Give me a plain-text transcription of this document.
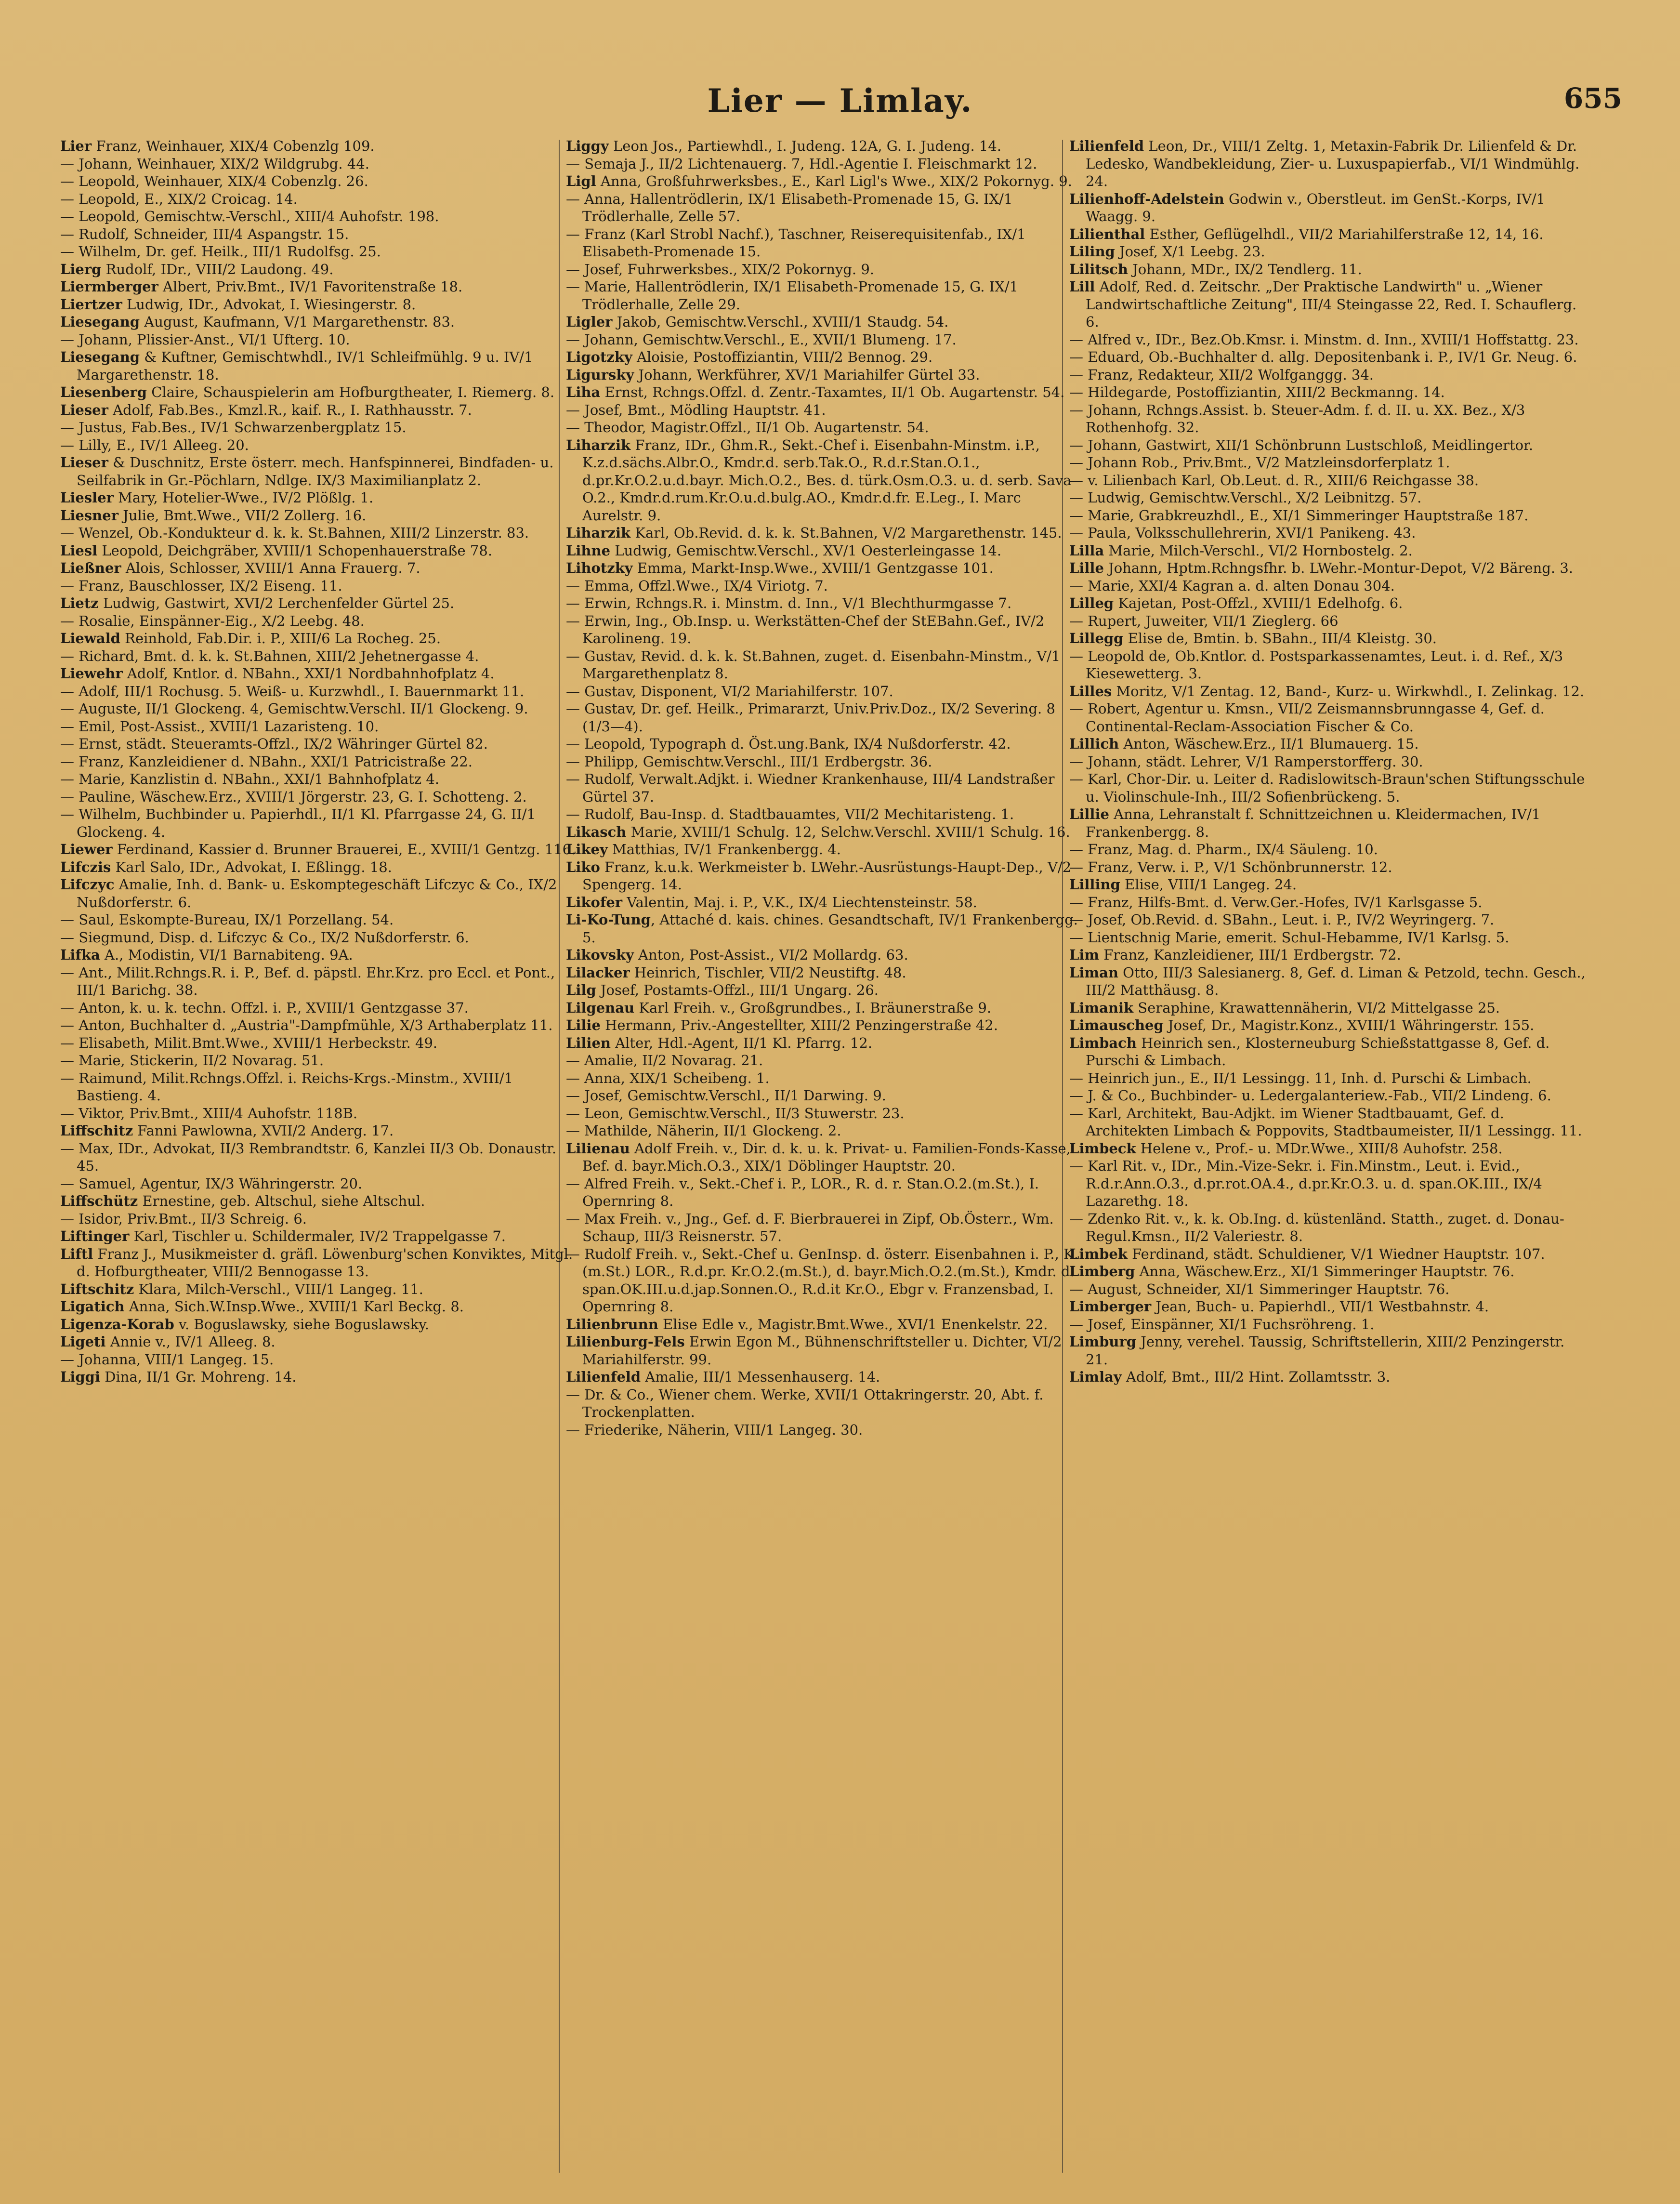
Lier — Limlay.	655
Lier Franz, Weinhauer, XIX/4 Cobenzlg 109.
— Johann, Weinhauer, XIX/2 Wildgrubg. 44.
— Leopold, Weinhauer, XIX/4 Cobenzlg. 26.
— Leopold, E., XIX/2 Croicag. 14.
— Leopold, Gemischtw.-Verschl., XIII/4 Auhofstr. 198.
— Rudolf, Schneider, III/4 Aspangstr. 15.
— Wilhelm, Dr. gef. Heilk., III/1 Rudolfsg. 25.
Lierg Rudolf, IDr., VIII/2 Laudong. 49.
Liermberger Albert, Priv.Bmt., IV/1 Favoritenstraße 18.
Liertzer Ludwig, IDr., Advokat, I. Wiesingerstr. 8.
Liesegang August, Kaufmann, V/1 Margarethenstr. 83.
— Johann, Plissier-Anst., VI/1 Ufterg. 10.
Liesegang & Kuftner, Gemischtwhdl., IV/1 Schleifmühlg. 9 u. IV/1 Margarethenstr. 18.
Liesenberg Claire, Schauspielerin am Hofburgtheater, I. Riemerg. 8.
Lieser Adolf, Fab.Bes., Kmzl.R., kaif. R., I. Rathhausstr. 7.
— Justus, Fab.Bes., IV/1 Schwarzenbergplatz 15.
— Lilly, E., IV/1 Alleeg. 20.
Lieser & Duschnitz, Erste österr. mech. Hanfspinnerei, Bindfaden- u. Seilfabrik in Gr.-Pöchlarn, Ndlge. IX/3 Maximilianplatz 2.
Liesler Mary, Hotelier-Wwe., IV/2 Plößlg. 1.
Liesner Julie, Bmt.Wwe., VII/2 Zollerg. 16.
— Wenzel, Ob.-Kondukteur d. k. k. St.Bahnen, XIII/2 Linzerstr. 83.
Liesl Leopold, Deichgräber, XVIII/1 Schopenhauerstraße 78.
Ließner Alois, Schlosser, XVIII/1 Anna Frauerg. 7.
— Franz, Bauschlosser, IX/2 Eiseng. 11.
Lietz Ludwig, Gastwirt, XVI/2 Lerchenfelder Gürtel 25.
— Rosalie, Einspänner-Eig., X/2 Leebg. 48.
Liewald Reinhold, Fab.Dir. i. P., XIII/6 La Rocheg. 25.
— Richard, Bmt. d. k. k. St.Bahnen, XIII/2 Jehetnergasse 4.
Liewehr Adolf, Kntlor. d. NBahn., XXI/1 Nordbahnhofplatz 4.
— Adolf, III/1 Rochusg. 5. Weiß- u. Kurzwhdl., I. Bauernmarkt 11.
— Auguste, II/1 Glockeng. 4, Gemischtw.Verschl. II/1 Glockeng. 9.
— Emil, Post-Assist., XVIII/1 Lazaristeng. 10.
— Ernst, städt. Steueramts-Offzl., IX/2 Währinger Gürtel 82.
— Franz, Kanzleidiener d. NBahn., XXI/1 Patricistraße 22.
— Marie, Kanzlistin d. NBahn., XXI/1 Bahnhofplatz 4.
— Pauline, Wäschew.Erz., XVIII/1 Jörgerstr. 23, G. I. Schotteng. 2.
— Wilhelm, Buchbinder u. Papierhdl., II/1 Kl. Pfarrgasse 24, G. II/1 Glockeng. 4.
Liewer Ferdinand, Kassier d. Brunner Brauerei, E., XVIII/1 Gentzg. 116.
Lifczis Karl Salo, IDr., Advokat, I. Eßlingg. 18.
Lifczyc Amalie, Inh. d. Bank- u. Eskomptegeschäft Lifczyc & Co., IX/2 Nußdorferstr. 6.
— Saul, Eskompte-Bureau, IX/1 Porzellang. 54.
— Siegmund, Disp. d. Lifczyc & Co., IX/2 Nußdorferstr. 6.
Lifka A., Modistin, VI/1 Barnabiteng. 9A.
— Ant., Milit.Rchngs.R. i. P., Bef. d. päpstl. Ehr.Krz. pro Eccl. et Pont., III/1 Barichg. 38.
— Anton, k. u. k. techn. Offzl. i. P., XVIII/1 Gentzgasse 37.
— Anton, Buchhalter d. „Austria"-Dampfmühle, X/3 Arthaberplatz 11.
— Elisabeth, Milit.Bmt.Wwe., XVIII/1 Herbeckstr. 49.
— Marie, Stickerin, II/2 Novarag. 51.
— Raimund, Milit.Rchngs.Offzl. i. Reichs-Krgs.-Minstm., XVIII/1 Bastieng. 4.
— Viktor, Priv.Bmt., XIII/4 Auhofstr. 118B.
Liffschitz Fanni Pawlowna, XVII/2 Anderg. 17.
— Max, IDr., Advokat, II/3 Rembrandtstr. 6, Kanzlei II/3 Ob. Donaustr. 45.
— Samuel, Agentur, IX/3 Währingerstr. 20.
Liffschütz Ernestine, geb. Altschul, siehe Altschul.
— Isidor, Priv.Bmt., II/3 Schreig. 6.
Liftinger Karl, Tischler u. Schildermaler, IV/2 Trappelgasse 7.
Liftl Franz J., Musikmeister d. gräfl. Löwenburg'schen Konviktes, Mitgl. d. Hofburgtheater, VIII/2 Bennogasse 13.
Liftschitz Klara, Milch-Verschl., VIII/1 Langeg. 11.
Ligatich Anna, Sich.W.Insp.Wwe., XVIII/1 Karl Beckg. 8.
Ligenza-Korab v. Boguslawsky, siehe Boguslawsky.
Ligeti Annie v., IV/1 Alleeg. 8.
— Johanna, VIII/1 Langeg. 15.
Liggi Dina, II/1 Gr. Mohreng. 14.
Liggy Leon Jos., Partiewhdl., I. Judeng. 12A, G. I. Judeng. 14.
— Semaja J., II/2 Lichtenauerg. 7, Hdl.-Agentie I. Fleischmarkt 12.
Ligl Anna, Großfuhrwerksbes., E., Karl Ligl's Wwe., XIX/2 Pokornyg. 9.
— Anna, Hallentrödlerin, IX/1 Elisabeth-Promenade 15, G. IX/1 Trödlerhalle, Zelle 57.
— Franz (Karl Strobl Nachf.), Taschner, Reiserequisitenfab., IX/1 Elisabeth-Promenade 15.
— Josef, Fuhrwerksbes., XIX/2 Pokornyg. 9.
— Marie, Hallentrödlerin, IX/1 Elisabeth-Promenade 15, G. IX/1 Trödlerhalle, Zelle 29.
Ligler Jakob, Gemischtw.Verschl., XVIII/1 Staudg. 54.
— Johann, Gemischtw.Verschl., E., XVII/1 Blumeng. 17.
Ligotzky Aloisie, Postoffiziantin, VIII/2 Bennog. 29.
Ligursky Johann, Werkführer, XV/1 Mariahilfer Gürtel 33.
Liha Ernst, Rchngs.Offzl. d. Zentr.-Taxamtes, II/1 Ob. Augartenstr. 54.
— Josef, Bmt., Mödling Hauptstr. 41.
— Theodor, Magistr.Offzl., II/1 Ob. Augartenstr. 54.
Liharzik Franz, IDr., Ghm.R., Sekt.-Chef i. Eisenbahn-Minstm. i.P., K.z.d.sächs.Albr.O., Kmdr.d. serb.Tak.O., R.d.r.Stan.O.1., d.pr.Kr.O.2.u.d.bayr. Mich.O.2., Bes. d. türk.Osm.O.3. u. d. serb. Sava-O.2., Kmdr.d.rum.Kr.O.u.d.bulg.AO., Kmdr.d.fr. E.Leg., I. Marc Aurelstr. 9.
Liharzik Karl, Ob.Revid. d. k. k. St.Bahnen, V/2 Margarethenstr. 145.
Lihne Ludwig, Gemischtw.Verschl., XV/1 Oesterleingasse 14.
Lihotzky Emma, Markt-Insp.Wwe., XVIII/1 Gentzgasse 101.
— Emma, Offzl.Wwe., IX/4 Viriotg. 7.
— Erwin, Rchngs.R. i. Minstm. d. Inn., V/1 Blechthurmgasse 7.
— Erwin, Ing., Ob.Insp. u. Werkstätten-Chef der StEBahn.Gef., IV/2 Karolineng. 19.
— Gustav, Revid. d. k. k. St.Bahnen, zuget. d. Eisenbahn-Minstm., V/1 Margarethenplatz 8.
— Gustav, Disponent, VI/2 Mariahilferstr. 107.
— Gustav, Dr. gef. Heilk., Primararzt, Univ.Priv.Doz., IX/2 Severing. 8 (1/3—4).
— Leopold, Typograph d. Öst.ung.Bank, IX/4 Nußdorferstr. 42.
— Philipp, Gemischtw.Verschl., III/1 Erdbergstr. 36.
— Rudolf, Verwalt.Adjkt. i. Wiedner Krankenhause, III/4 Landstraßer Gürtel 37.
— Rudolf, Bau-Insp. d. Stadtbauamtes, VII/2 Mechitaristeng. 1.
Likasch Marie, XVIII/1 Schulg. 12, Selchw.Verschl. XVIII/1 Schulg. 16.
Likey Matthias, IV/1 Frankenbergg. 4.
Liko Franz, k.u.k. Werkmeister b. LWehr.-Ausrüstungs-Haupt-Dep., V/2 Spengerg. 14.
Likofer Valentin, Maj. i. P., V.K., IX/4 Liechtensteinstr. 58.
Li-Ko-Tung, Attaché d. kais. chines. Gesandtschaft, IV/1 Frankenbergg. 5.
Likovsky Anton, Post-Assist., VI/2 Mollardg. 63.
Lilacker Heinrich, Tischler, VII/2 Neustiftg. 48.
Lilg Josef, Postamts-Offzl., III/1 Ungarg. 26.
Lilgenau Karl Freih. v., Großgrundbes., I. Bräunerstraße 9.
Lilie Hermann, Priv.-Angestellter, XIII/2 Penzingerstraße 42.
Lilien Alter, Hdl.-Agent, II/1 Kl. Pfarrg. 12.
— Amalie, II/2 Novarag. 21.
— Anna, XIX/1 Scheibeng. 1.
— Josef, Gemischtw.Verschl., II/1 Darwing. 9.
— Leon, Gemischtw.Verschl., II/3 Stuwerstr. 23.
— Mathilde, Näherin, II/1 Glockeng. 2.
Lilienau Adolf Freih. v., Dir. d. k. u. k. Privat- u. Familien-Fonds-Kasse, Bef. d. bayr.Mich.O.3., XIX/1 Döblinger Hauptstr. 20.
— Alfred Freih. v., Sekt.-Chef i. P., LOR., R. d. r. Stan.O.2.(m.St.), I. Opernring 8.
— Max Freih. v., Jng., Gef. d. F. Bierbrauerei in Zipf, Ob.Österr., Wm. Schaup, III/3 Reisnerstr. 57.
— Rudolf Freih. v., Sekt.-Chef u. GenInsp. d. österr. Eisenbahnen i. P., K.(m.St.) LOR., R.d.pr. Kr.O.2.(m.St.), d. bayr.Mich.O.2.(m.St.), Kmdr. d. span.OK.III.u.d.jap.Sonnen.O., R.d.it Kr.O., Ebgr v. Franzensbad, I. Opernring 8.
Lilienbrunn Elise Edle v., Magistr.Bmt.Wwe., XVI/1 Enenkelstr. 22.
Lilienburg-Fels Erwin Egon M., Bühnenschriftsteller u. Dichter, VI/2 Mariahilferstr. 99.
Lilienfeld Amalie, III/1 Messenhauserg. 14.
— Dr. & Co., Wiener chem. Werke, XVII/1 Ottakringerstr. 20, Abt. f. Trockenplatten.
— Friederike, Näherin, VIII/1 Langeg. 30.
Lilienfeld Leon, Dr., VIII/1 Zeltg. 1, Metaxin-Fabrik Dr. Lilienfeld & Dr. Ledesko, Wandbekleidung, Zier- u. Luxuspapierfab., VI/1 Windmühlg. 24.
Lilienhoff-Adelstein Godwin v., Oberstleut. im GenSt.-Korps, IV/1 Waagg. 9.
Lilienthal Esther, Geflügelhdl., VII/2 Mariahilferstraße 12, 14, 16.
Liling Josef, X/1 Leebg. 23.
Lilitsch Johann, MDr., IX/2 Tendlerg. 11.
Lill Adolf, Red. d. Zeitschr. „Der Praktische Landwirth" u. „Wiener Landwirtschaftliche Zeitung", III/4 Steingasse 22, Red. I. Schauflerg. 6.
— Alfred v., IDr., Bez.Ob.Kmsr. i. Minstm. d. Inn., XVIII/1 Hoffstattg. 23.
— Eduard, Ob.-Buchhalter d. allg. Depositenbank i. P., IV/1 Gr. Neug. 6.
— Franz, Redakteur, XII/2 Wolfganggg. 34.
— Hildegarde, Postoffiziantin, XIII/2 Beckmanng. 14.
— Johann, Rchngs.Assist. b. Steuer-Adm. f. d. II. u. XX. Bez., X/3 Rothenhofg. 32.
— Johann, Gastwirt, XII/1 Schönbrunn Lustschloß, Meidlingertor.
— Johann Rob., Priv.Bmt., V/2 Matzleinsdorferplatz 1.
— v. Lilienbach Karl, Ob.Leut. d. R., XIII/6 Reichgasse 38.
— Ludwig, Gemischtw.Verschl., X/2 Leibnitzg. 57.
— Marie, Grabkreuzhdl., E., XI/1 Simmeringer Hauptstraße 187.
— Paula, Volksschullehrerin, XVI/1 Panikeng. 43.
Lilla Marie, Milch-Verschl., VI/2 Hornbostelg. 2.
Lille Johann, Hptm.Rchngsfhr. b. LWehr.-Montur-Depot, V/2 Bäreng. 3.
— Marie, XXI/4 Kagran a. d. alten Donau 304.
Lilleg Kajetan, Post-Offzl., XVIII/1 Edelhofg. 6.
— Rupert, Juweiter, VII/1 Zieglerg. 66
Lillegg Elise de, Bmtin. b. SBahn., III/4 Kleistg. 30.
— Leopold de, Ob.Kntlor. d. Postsparkassenamtes, Leut. i. d. Ref., X/3 Kiesewetterg. 3.
Lilles Moritz, V/1 Zentag. 12, Band-, Kurz- u. Wirkwhdl., I. Zelinkag. 12.
— Robert, Agentur u. Kmsn., VII/2 Zeismannsbrunngasse 4, Gef. d. Continental-Reclam-Association Fischer & Co.
Lillich Anton, Wäschew.Erz., II/1 Blumauerg. 15.
— Johann, städt. Lehrer, V/1 Ramperstorfferg. 30.
— Karl, Chor-Dir. u. Leiter d. Radislowitsch-Braun'schen Stiftungsschule u. Violinschule-Inh., III/2 Sofienbrückeng. 5.
Lillie Anna, Lehranstalt f. Schnittzeichnen u. Kleidermachen, IV/1 Frankenbergg. 8.
— Franz, Mag. d. Pharm., IX/4 Säuleng. 10.
— Franz, Verw. i. P., V/1 Schönbrunnerstr. 12.
Lilling Elise, VIII/1 Langeg. 24.
— Franz, Hilfs-Bmt. d. Verw.Ger.-Hofes, IV/1 Karlsgasse 5.
— Josef, Ob.Revid. d. SBahn., Leut. i. P., IV/2 Weyringerg. 7.
— Lientschnig Marie, emerit. Schul-Hebamme, IV/1 Karlsg. 5.
Lim Franz, Kanzleidiener, III/1 Erdbergstr. 72.
Liman Otto, III/3 Salesianerg. 8, Gef. d. Liman & Petzold, techn. Gesch., III/2 Matthäusg. 8.
Limanik Seraphine, Krawattennäherin, VI/2 Mittelgasse 25.
Limauscheg Josef, Dr., Magistr.Konz., XVIII/1 Währingerstr. 155.
Limbach Heinrich sen., Klosterneuburg Schießstattgasse 8, Gef. d. Purschi & Limbach.
— Heinrich jun., E., II/1 Lessingg. 11, Inh. d. Purschi & Limbach.
— J. & Co., Buchbinder- u. Ledergalanteriew.-Fab., VII/2 Lindeng. 6.
— Karl, Architekt, Bau-Adjkt. im Wiener Stadtbauamt, Gef. d. Architekten Limbach & Poppovits, Stadtbaumeister, II/1 Lessingg. 11.
Limbeck Helene v., Prof.- u. MDr.Wwe., XIII/8 Auhofstr. 258.
— Karl Rit. v., IDr., Min.-Vize-Sekr. i. Fin.Minstm., Leut. i. Evid., R.d.r.Ann.O.3., d.pr.rot.OA.4., d.pr.Kr.O.3. u. d. span.OK.III., IX/4 Lazarethg. 18.
— Zdenko Rit. v., k. k. Ob.Ing. d. küstenländ. Statth., zuget. d. Donau-Regul.Kmsn., II/2 Valeriestr. 8.
Limbek Ferdinand, städt. Schuldiener, V/1 Wiedner Hauptstr. 107.
Limberg Anna, Wäschew.Erz., XI/1 Simmeringer Hauptstr. 76.
— August, Schneider, XI/1 Simmeringer Hauptstr. 76.
Limberger Jean, Buch- u. Papierhdl., VII/1 Westbahnstr. 4.
— Josef, Einspänner, XI/1 Fuchsröhreng. 1.
Limburg Jenny, verehel. Taussig, Schriftstellerin, XIII/2 Penzingerstr. 21.
Limlay Adolf, Bmt., III/2 Hint. Zollamtsstr. 3.
